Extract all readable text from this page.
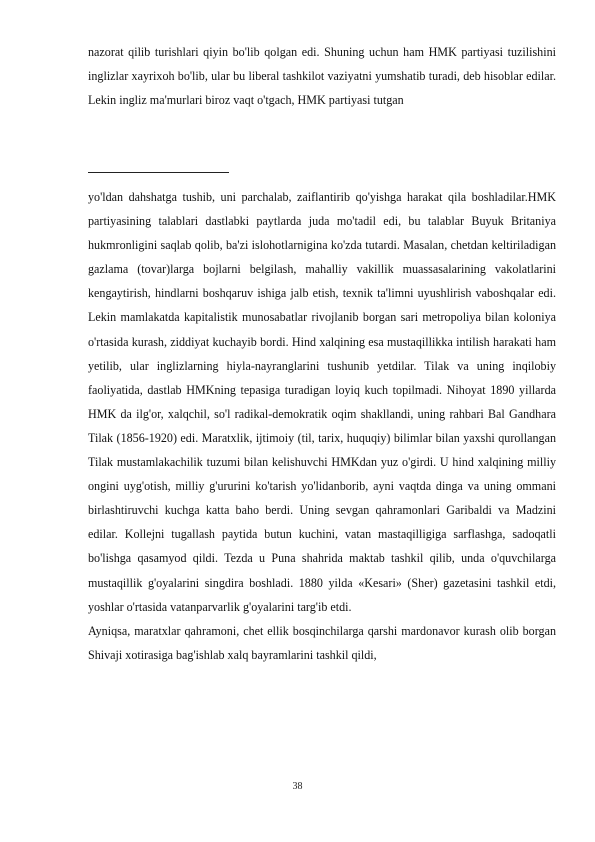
nazorat qilib turishlari qiyin bo'lib qolgan edi. Shuning uchun ham HMK partiyasi tuzilishini inglizlar xayrixoh bo'lib, ular bu liberal tashkilot vaziyatni yumshatib turadi, deb hisoblar edilar. Lekin ingliz ma'murlari biroz vaqt o'tgach, HMK partiyasi tutgan

yo'ldan dahshatga tushib, uni parchalab, zaiflantirib qo'yishga harakat qila boshladilar.HMK partiyasining talablari dastlabki paytlarda juda mo'tadil edi, bu talablar Buyuk Britaniya hukmronligini saqlab qolib, ba'zi islohotlarnigina ko'zda tutardi. Masalan, chetdan keltiriladigan gazlama (tovar)larga bojlarni belgilash, mahalliy vakillik muassasalarining vakolatlarini kengaytirish, hindlarni boshqaruv ishiga jalb etish, texnik ta'limni uyushlirish vaboshqalar edi. Lekin mamlakatda kapitalistik munosabatlar rivojlanib borgan sari metropoliya bilan koloniya o'rtasida kurash, ziddiyat kuchayib bordi. Hind xalqining esa mustaqillikka intilish harakati ham yetilib, ular inglizlarning hiyla-nayranglarini tushunib yetdilar. Tilak va uning inqilobiy faoliyatida, dastlab HMKning tepasiga turadigan loyiq kuch topilmadi. Nihoyat 1890 yillarda HMK da ilg'or, xalqchil, so'l radikal-demokratik oqim shakllandi, uning rahbari Bal Gandhara Tilak (1856-1920) edi. Maratxlik, ijtimoiy (til, tarix, huquqiy) bilimlar bilan yaxshi qurollangan Tilak mustamlakachilik tuzumi bilan kelishuvchi HMKdan yuz o'girdi. U hind xalqining milliy ongini uyg'otish, milliy g'ururini ko'tarish yo'lidanborib, ayni vaqtda dinga va uning ommani birlashtiruvchi kuchga katta baho berdi. Uning sevgan qahramonlari Garibaldi va Madzini edilar. Kollejni tugallash paytida butun kuchini, vatan mastaqilligiga sarflashga, sadoqatli bo'lishga qasamyod qildi. Tezda u Puna shahrida maktab tashkil qilib, unda o'quvchilarga mustaqillik g'oyalarini singdira boshladi. 1880 yilda «Kesari» (Sher) gazetasini tashkil etdi, yoshlar o'rtasida vatanparvarlik g'oyalarini targ'ib etdi.

Ayniqsa, maratxlar qahramoni, chet ellik bosqinchilarga qarshi mardonavor kurash olib borgan Shivaji xotirasiga bag'ishlab xalq bayramlarini tashkil qildi,

38
